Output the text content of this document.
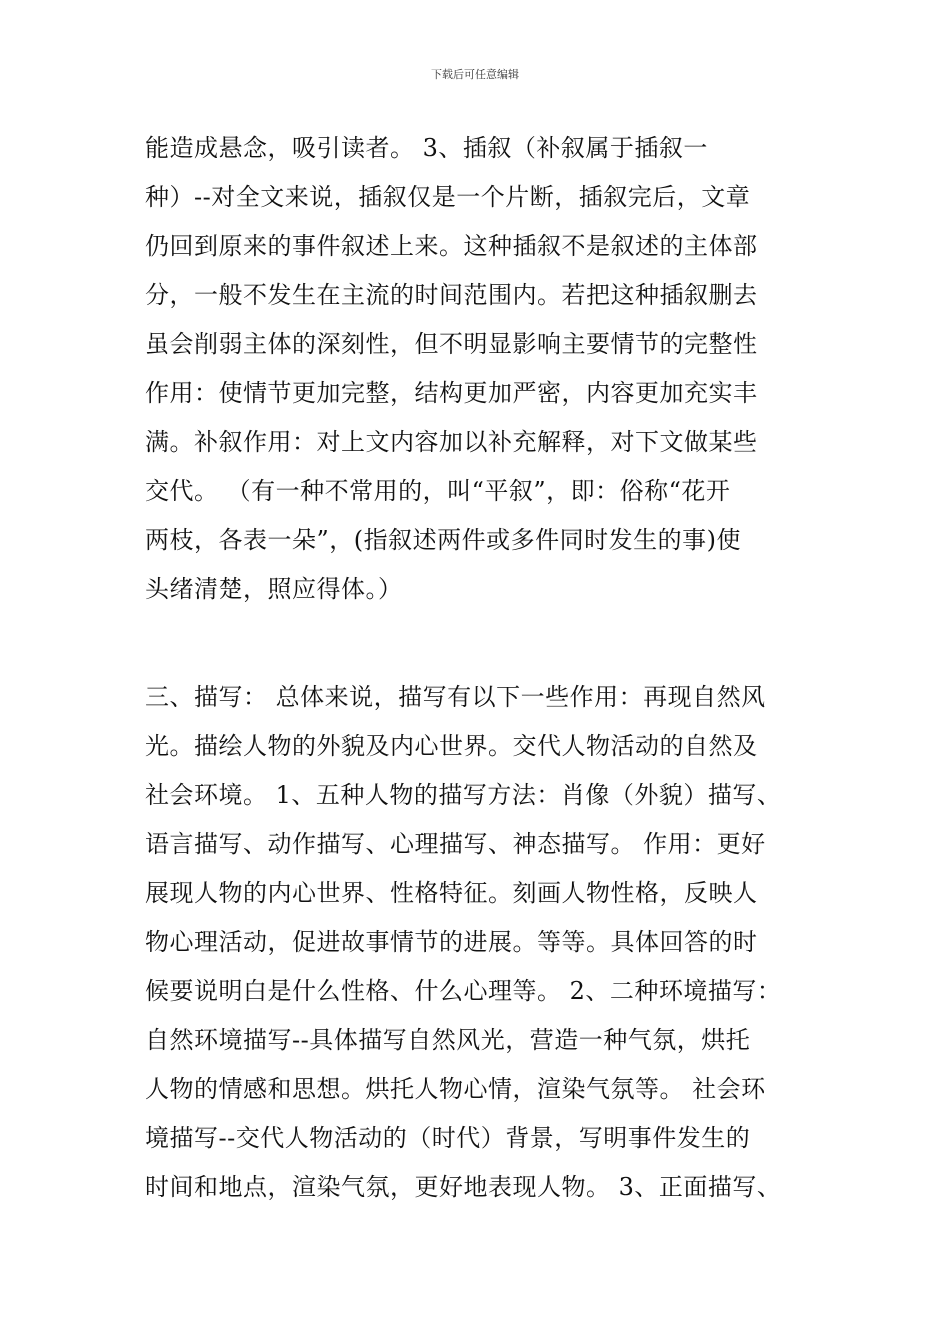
下载后可任意编辑
能造成悬念，吸引读者。 3、插叙（补叙属于插叙一
种）--对全文来说，插叙仅是一个片断，插叙完后，文章
仍回到原来的事件叙述上来。这种插叙不是叙述的主体部
分，一般不发生在主流的时间范围内。若把这种插叙删去
虽会削弱主体的深刻性，但不明显影响主要情节的完整性
作用：使情节更加完整，结构更加严密，内容更加充实丰
满。补叙作用：对上文内容加以补充解释，对下文做某些
交代。 （有一种不常用的，叫“平叙”，即：俗称“花开
两枝，各表一朵”，(指叙述两件或多件同时发生的事)使
头绪清楚，照应得体。）
三、描写： 总体来说，描写有以下一些作用：再现自然风
光。描绘人物的外貌及内心世界。交代人物活动的自然及
社会环境。 1、五种人物的描写方法：肖像（外貌）描写、
语言描写、动作描写、心理描写、神态描写。 作用：更好
展现人物的内心世界、性格特征。刻画人物性格，反映人
物心理活动，促进故事情节的进展。等等。具体回答的时
候要说明白是什么性格、什么心理等。 2、二种环境描写：
自然环境描写--具体描写自然风光，营造一种气氛，烘托
人物的情感和思想。烘托人物心情，渲染气氛等。 社会环
境描写--交代人物活动的（时代）背景，写明事件发生的
时间和地点，渲染气氛，更好地表现人物。 3、正面描写、
